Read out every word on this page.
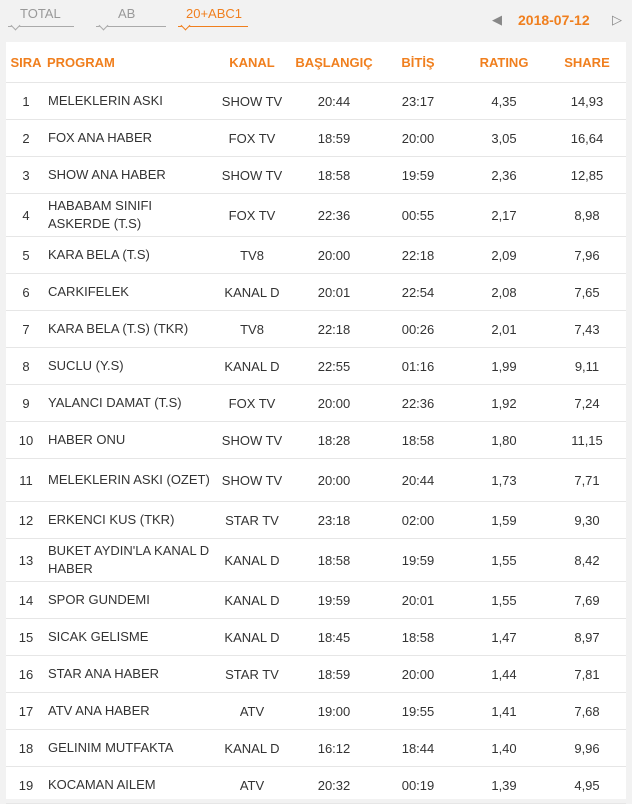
TOTAL	AB	20+ABC1	◀ 2018-07-12 ▷
SIRA	PROGRAM	KANAL	BAŞLANGIÇ	BİTİŞ	RATING	SHARE
1	MELEKLERIN ASKI	SHOW TV	20:44	23:17	4,35	14,93
2	FOX ANA HABER	FOX TV	18:59	20:00	3,05	16,64
3	SHOW ANA HABER	SHOW TV	18:58	19:59	2,36	12,85
4	HABABAM SINIFI ASKERDE (T.S)	FOX TV	22:36	00:55	2,17	8,98
5	KARA BELA (T.S)	TV8	20:00	22:18	2,09	7,96
6	CARKIFELEK	KANAL D	20:01	22:54	2,08	7,65
7	KARA BELA (T.S) (TKR)	TV8	22:18	00:26	2,01	7,43
8	SUCLU (Y.S)	KANAL D	22:55	01:16	1,99	9,11
9	YALANCI DAMAT (T.S)	FOX TV	20:00	22:36	1,92	7,24
10	HABER ONU	SHOW TV	18:28	18:58	1,80	11,15
11	MELEKLERIN ASKI (OZET)	SHOW TV	20:00	20:44	1,73	7,71
12	ERKENCI KUS (TKR)	STAR TV	23:18	02:00	1,59	9,30
13	BUKET AYDIN'LA KANAL D HABER	KANAL D	18:58	19:59	1,55	8,42
14	SPOR GUNDEMI	KANAL D	19:59	20:01	1,55	7,69
15	SICAK GELISME	KANAL D	18:45	18:58	1,47	8,97
16	STAR ANA HABER	STAR TV	18:59	20:00	1,44	7,81
17	ATV ANA HABER	ATV	19:00	19:55	1,41	7,68
18	GELINIM MUTFAKTA	KANAL D	16:12	18:44	1,40	9,96
19	KOCAMAN AILEM	ATV	20:32	00:19	1,39	4,95
